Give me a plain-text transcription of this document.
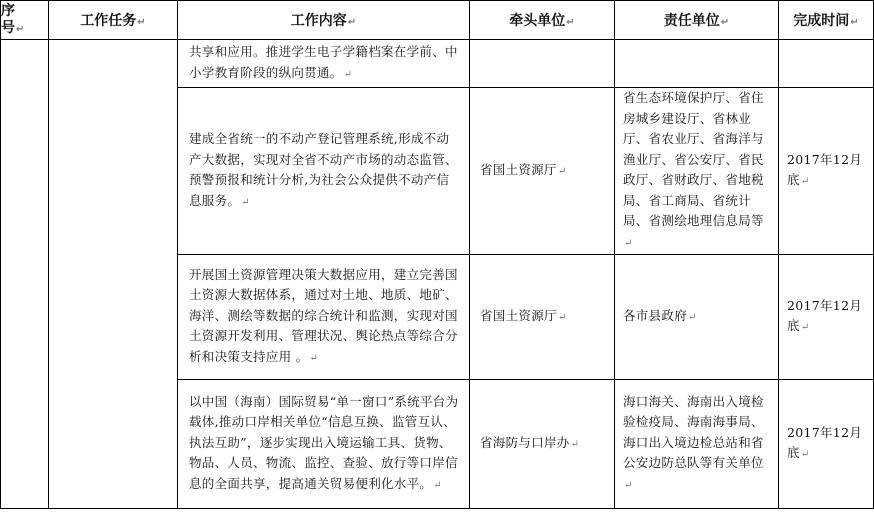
序
号↵	工作任务↵	工作内容↵	牵头单位↵	责任单位↵	完成时间↵

		共享和应用。推进学生电子学籍档案在学前、中小学教育阶段的纵向贯通。↵			

		建成全省统一的不动产登记管理系统,形成不动产大数据，实现对全省不动产市场的动态监管、预警预报和统计分析,为社会公众提供不动产信息服务。↵	省国土资源厅↵	省生态环境保护厅、省住房城乡建设厅、省林业厅、省农业厅、省海洋与渔业厅、省公安厅、省民政厅、省财政厅、省地税局、省工商局、省统计局、省测绘地理信息局等↵	2017年12月底↵

		开展国土资源管理决策大数据应用，建立完善国土资源大数据体系，通过对土地、地质、地矿、海洋、测绘等数据的综合统计和监测，实现对国土资源开发利用、管理状况、舆论热点等综合分析和决策支持应用 。↵	省国土资源厅↵	各市县政府↵	2017年12月底↵

		以中国（海南）国际贸易“单一窗口”系统平台为载体,推动口岸相关单位“信息互换、监管互认、执法互助”，逐步实现出入境运输工具、货物、物品、人员、物流、监控、查验、放行等口岸信息的全面共享，提高通关贸易便利化水平。↵	省海防与口岸办↵	海口海关、海南出入境检验检疫局、海南海事局、海口出入境边检总站和省公安边防总队等有关单位↵	2017年12月底↵
